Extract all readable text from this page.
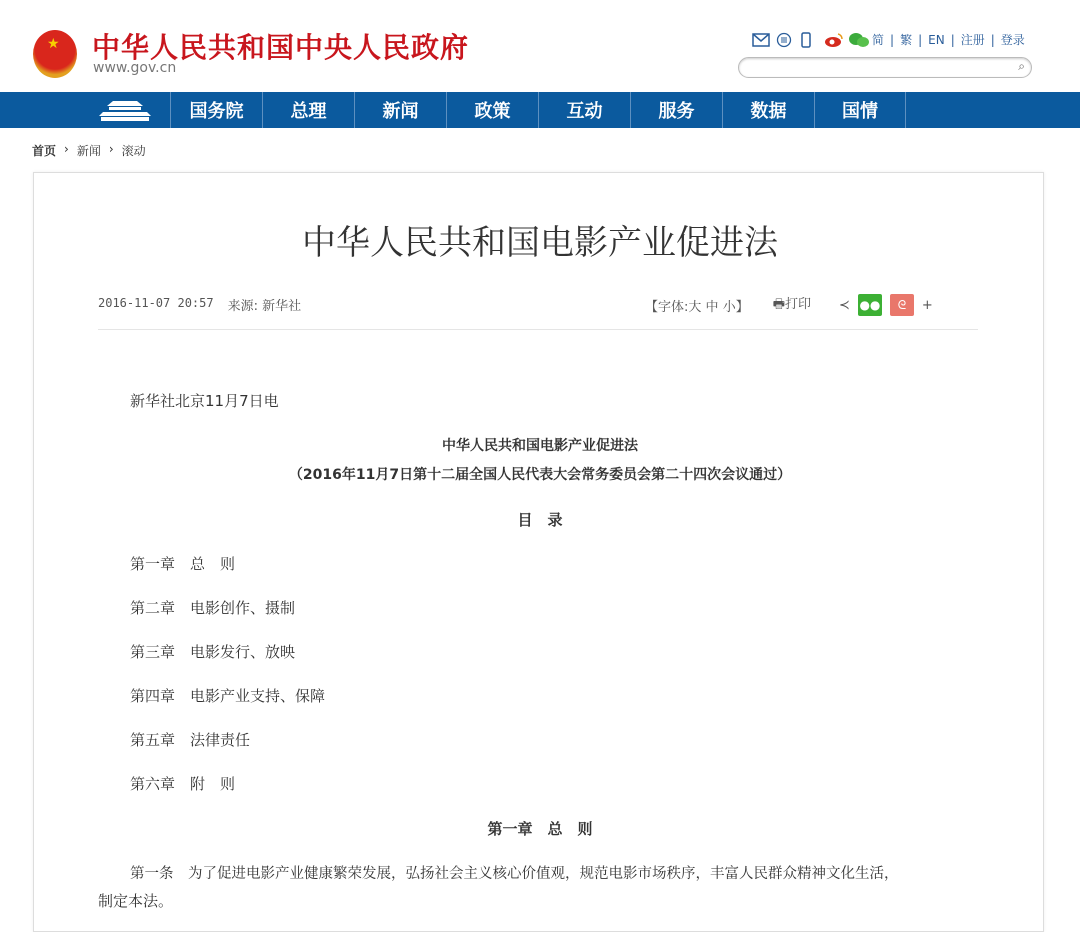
★ 中华人民共和国中央人民政府
www.gov.cn
简 | 繁 | EN | 注册 | 登录
⌕
国务院	总理	新闻	政策	互动	服务	数据	国情
首页 › 新闻 › 滚动
中华人民共和国电影产业促进法
2016-11-07 20:57 来源: 新华社	【字体:大 中 小】 🖶打印 ≺ ●●	ᘓ	+
新华社北京11月7日电
中华人民共和国电影产业促进法
（2016年11月7日第十二届全国人民代表大会常务委员会第二十四次会议通过）
目　录
第一章　总　则
第二章　电影创作、摄制
第三章　电影发行、放映
第四章　电影产业支持、保障
第五章　法律责任
第六章　附　则
第一章　总　则
第一条　为了促进电影产业健康繁荣发展，弘扬社会主义核心价值观，规范电影市场秩序，丰富人民群众精神文化生活，
制定本法。
